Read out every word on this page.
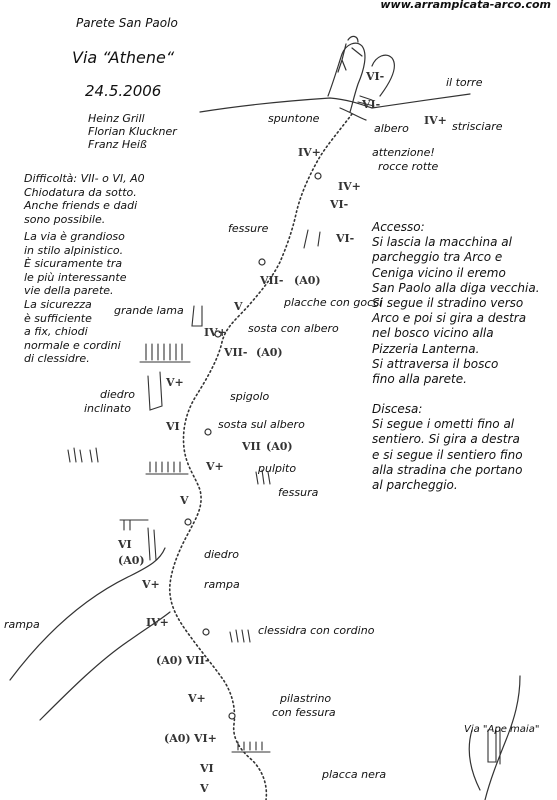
www.arrampicata-arco.com
Parete San Paolo
Via “Athene“
24.5.2006
Heinz Grill
Florian Kluckner
Franz Heiß
Difficoltà: VII- o VI, A0
Chiodatura da sotto.
Anche friends e dadi
sono possibile.
La via è grandioso
in stilo alpinistico.
È sicuramente tra
le più interessante
vie della parete.
La sicurezza
è sufficiente
a fix, chiodi
normale e cordini
di clessidre.
Accesso:
Si lascia la macchina al
parcheggio tra Arco e
Ceniga vicino il eremo
San Paolo alla diga vecchia.
Si segue il stradino verso
Arco e poi si gira a destra
nel bosco vicino alla
Pizzeria Lanterna.
Si attraversa il bosco
fino alla parete.
Discesa:
Si segue i ometti fino al
sentiero. Si gira a destra
e si segue il sentiero fino
alla stradina che portano
al parcheggio.
il torre
spuntone
albero	strisciare
attenzione!
rocce rotte
fessure
placche con gocci
grande lama
sosta con albero
diedro
inclinato
spigolo
sosta sul albero
pulpito
fessura
diedro
rampa
rampa	clessidra con cordino
pilastrino
con fessura
placca nera
Via "Ape maia"
VI-
VI-
IV+
IV+
IV+
VI-
VI-
VII- (A0)
V
IV+
VII- (A0)
V+
VI
VII (A0)
V+
V
VI
(A0)
V+
IV+
(A0) VII-
V+
(A0) VI+
VI
V
